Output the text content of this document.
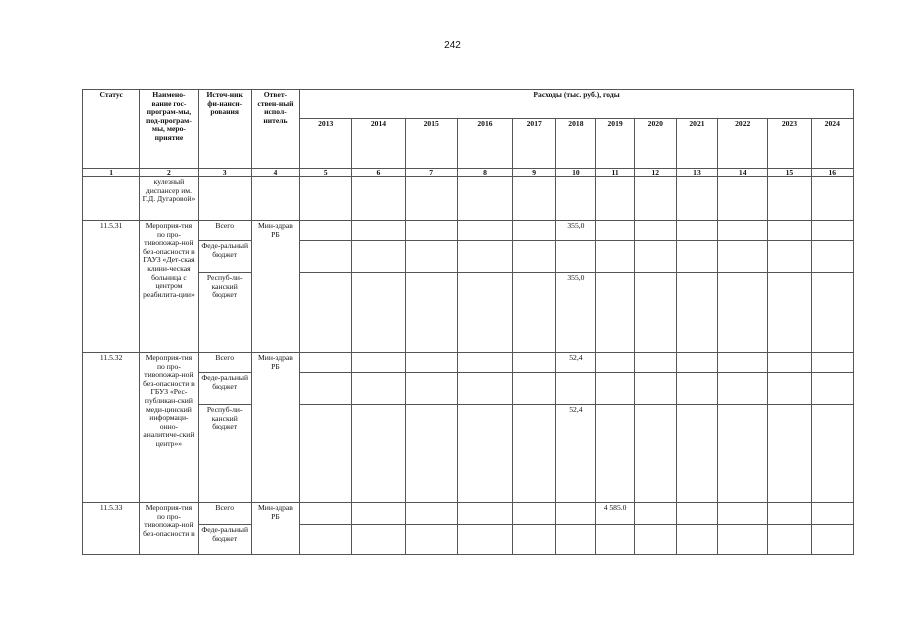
242
Статус	Наимено-вание гос-програм-мы, под-програм-мы, меро-приятие	Источ-ник фи-нанси-рования	Ответ-ствен-ный испол-нитель	Расходы (тыс. руб.), годы											
				2013	2014	2015	2016	2017	2018	2019	2020	2021	2022	2023	2024
1	2	3	4	5	6	7	8	9	10	11	12	13	14	15	16
	кулезный диспансер им. Г.Д. Дугаровой»														
11.5.31	Мероприя-тия по про-тивопожар-ной без-опасности в ГАУЗ «Дет-ская клини-ческая больница с центром реабилита-ции»	Всего	Мин-здрав РБ						355,0						
		Феде-ральный бюджет													
		Респуб-ли-канский бюджет							355,0						
11.5.32	Мероприя-тия по про-тивопожар-ной без-опасности в ГБУЗ «Рес-публикан-ский меди-цинский информаци-онно-аналитиче-ский центр»»	Всего	Мин-здрав РБ						52,4						
		Феде-ральный бюджет													
		Респуб-ли-канский бюджет							52,4						
11.5.33	Мероприя-тия по про-тивопожар-ной без-опасности в	Всего	Мин-здрав РБ							4 585.0					
		Феде-ральный бюджет													
